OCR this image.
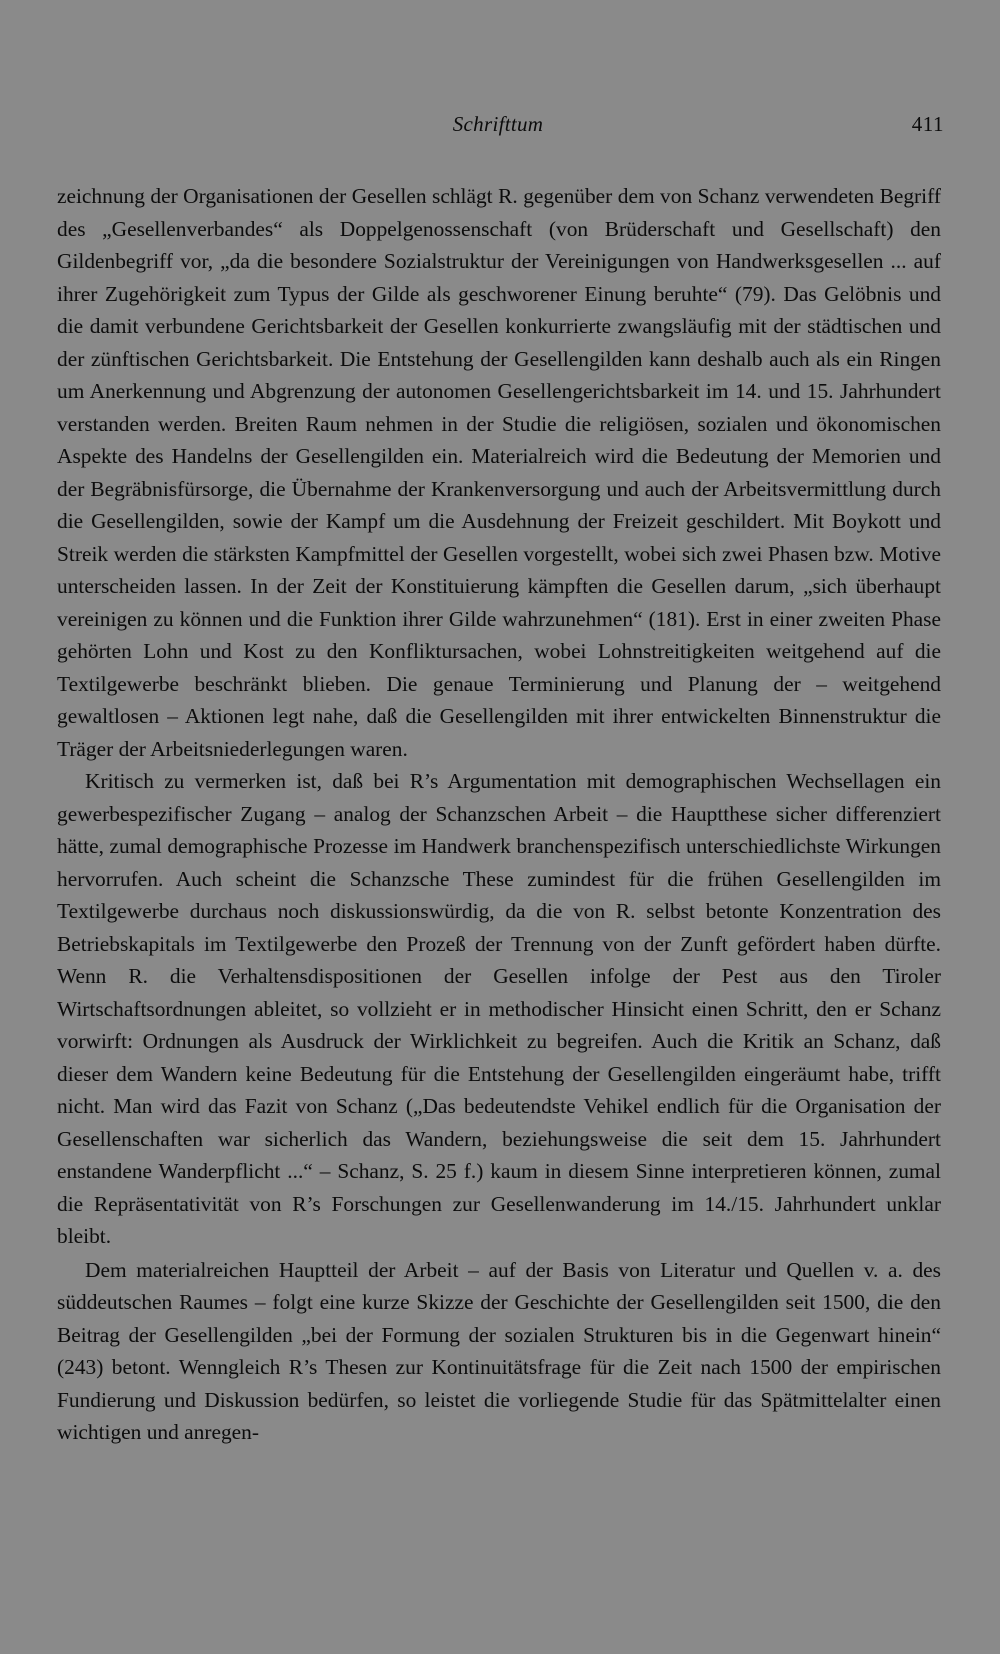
Schrifttum	411

zeichnung der Organisationen der Gesellen schlägt R. gegenüber dem von Schanz verwendeten Begriff des „Gesellenverbandes“ als Doppelgenossenschaft (von Brüderschaft und Gesellschaft) den Gildenbegriff vor, „da die besondere Sozialstruktur der Vereinigungen von Handwerksgesellen ... auf ihrer Zugehörigkeit zum Typus der Gilde als geschworener Einung beruhte“ (79). Das Gelöbnis und die damit verbundene Gerichtsbarkeit der Gesellen konkurrierte zwangsläufig mit der städtischen und der zünftischen Gerichtsbarkeit. Die Entstehung der Gesellengilden kann deshalb auch als ein Ringen um Anerkennung und Abgrenzung der autonomen Gesellengerichtsbarkeit im 14. und 15. Jahrhundert verstanden werden. Breiten Raum nehmen in der Studie die religiösen, sozialen und ökonomischen Aspekte des Handelns der Gesellengilden ein. Materialreich wird die Bedeutung der Memorien und der Begräbnisfürsorge, die Übernahme der Krankenversorgung und auch der Arbeitsvermittlung durch die Gesellengilden, sowie der Kampf um die Ausdehnung der Freizeit geschildert. Mit Boykott und Streik werden die stärksten Kampfmittel der Gesellen vorgestellt, wobei sich zwei Phasen bzw. Motive unterscheiden lassen. In der Zeit der Konstituierung kämpften die Gesellen darum, „sich überhaupt vereinigen zu können und die Funktion ihrer Gilde wahrzunehmen“ (181). Erst in einer zweiten Phase gehörten Lohn und Kost zu den Konfliktursachen, wobei Lohnstreitigkeiten weitgehend auf die Textilgewerbe beschränkt blieben. Die genaue Terminierung und Planung der – weitgehend gewaltlosen – Aktionen legt nahe, daß die Gesellengilden mit ihrer entwickelten Binnenstruktur die Träger der Arbeitsniederlegungen waren.

Kritisch zu vermerken ist, daß bei R’s Argumentation mit demographischen Wechsellagen ein gewerbespezifischer Zugang – analog der Schanzschen Arbeit – die Hauptthese sicher differenziert hätte, zumal demographische Prozesse im Handwerk branchenspezifisch unterschiedlichste Wirkungen hervorrufen. Auch scheint die Schanzsche These zumindest für die frühen Gesellengilden im Textilgewerbe durchaus noch diskussionswürdig, da die von R. selbst betonte Konzentration des Betriebskapitals im Textilgewerbe den Prozeß der Trennung von der Zunft gefördert haben dürfte. Wenn R. die Verhaltensdispositionen der Gesellen infolge der Pest aus den Tiroler Wirtschaftsordnungen ableitet, so vollzieht er in methodischer Hinsicht einen Schritt, den er Schanz vorwirft: Ordnungen als Ausdruck der Wirklichkeit zu begreifen. Auch die Kritik an Schanz, daß dieser dem Wandern keine Bedeutung für die Entstehung der Gesellengilden eingeräumt habe, trifft nicht. Man wird das Fazit von Schanz („Das bedeutendste Vehikel endlich für die Organisation der Gesellenschaften war sicherlich das Wandern, beziehungsweise die seit dem 15. Jahrhundert enstandene Wanderpflicht ...“ – Schanz, S. 25 f.) kaum in diesem Sinne interpretieren können, zumal die Repräsentativität von R’s Forschungen zur Gesellenwanderung im 14./15. Jahrhundert unklar bleibt.

Dem materialreichen Hauptteil der Arbeit – auf der Basis von Literatur und Quellen v. a. des süddeutschen Raumes – folgt eine kurze Skizze der Geschichte der Gesellengilden seit 1500, die den Beitrag der Gesellengilden „bei der Formung der sozialen Strukturen bis in die Gegenwart hinein“ (243) betont. Wenngleich R’s Thesen zur Kontinuitätsfrage für die Zeit nach 1500 der empirischen Fundierung und Diskussion bedürfen, so leistet die vorliegende Studie für das Spätmittelalter einen wichtigen und anregen-
